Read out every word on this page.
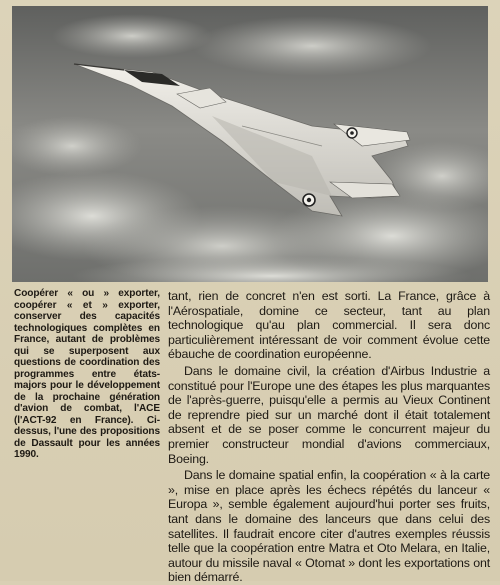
Coopérer « ou » exporter, coopérer « et » exporter, conserver des capacités technologiques complètes en France, autant de problèmes qui se superposent aux questions de coordination des programmes entre états-majors pour le développement de la prochaine génération d'avion de combat, l'ACE (l'ACT-92 en France). Ci-dessus, l'une des propositions de Dassault pour les années 1990.

tant, rien de concret n'en est sorti. La France, grâce à l'Aérospatiale, domine ce secteur, tant au plan technologique qu'au plan commercial. Il sera donc particulièrement intéressant de voir comment évolue cette ébauche de coordination européenne.

Dans le domaine civil, la création d'Airbus Industrie a constitué pour l'Europe une des étapes les plus marquantes de l'après-guerre, puisqu'elle a permis au Vieux Continent de reprendre pied sur un marché dont il était totalement absent et de se poser comme le concurrent majeur du premier constructeur mondial d'avions commerciaux, Boeing.

Dans le domaine spatial enfin, la coopération « à la carte », mise en place après les échecs répétés du lanceur « Europa », semble également aujourd'hui porter ses fruits, tant dans le domaine des lanceurs que dans celui des satellites. Il faudrait encore citer d'autres exemples réussis telle que la coopération entre Matra et Oto Melara, en Italie, autour du missile naval « Otomat » dont les exportations ont bien démarré.
